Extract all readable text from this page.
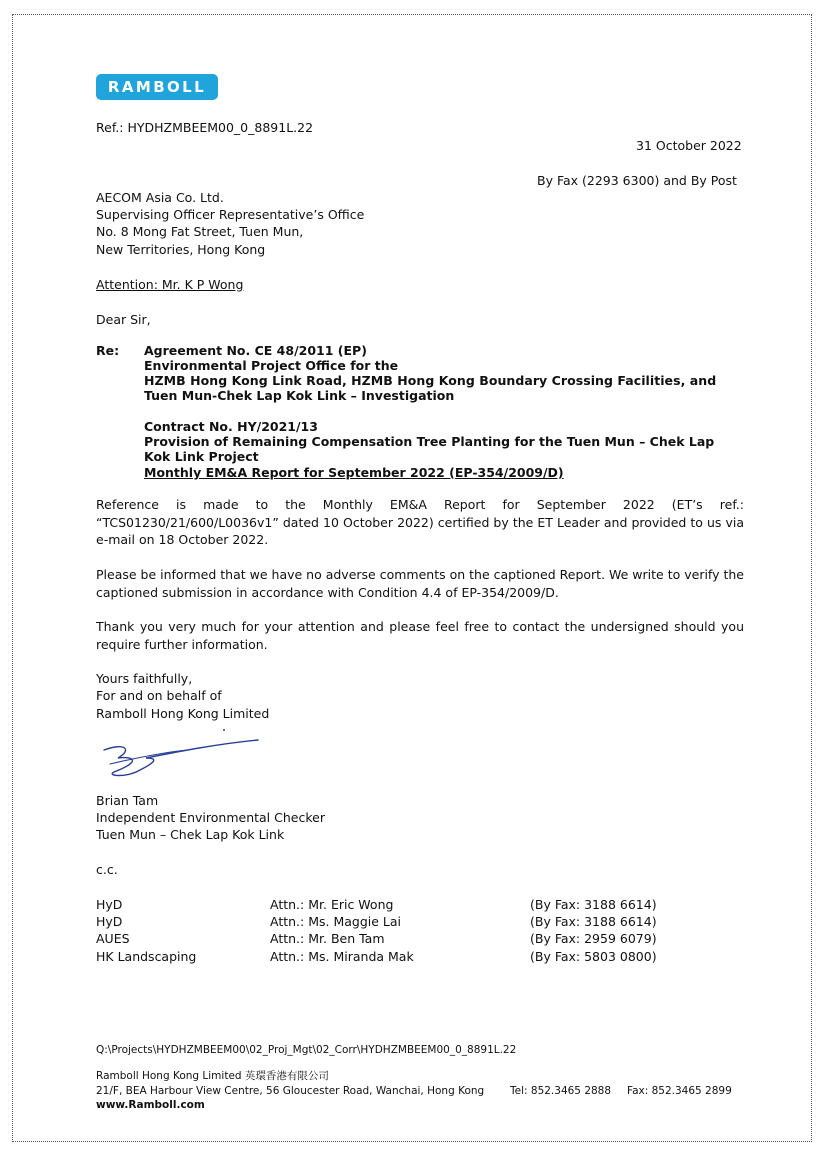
RAMBOLL
Ref.: HYDHZMBEEM00_0_8891L.22
31 October 2022
By Fax (2293 6300) and By Post
AECOM Asia Co. Ltd.
Supervising Officer Representative’s Office
No. 8 Mong Fat Street, Tuen Mun,
New Territories, Hong Kong
Attention: Mr. K P Wong
Dear Sir,
Re: Agreement No. CE 48/2011 (EP)
Environmental Project Office for the
HZMB Hong Kong Link Road, HZMB Hong Kong Boundary Crossing Facilities, and
Tuen Mun-Chek Lap Kok Link – Investigation
Contract No. HY/2021/13
Provision of Remaining Compensation Tree Planting for the Tuen Mun – Chek Lap
Kok Link Project
Monthly EM&A Report for September 2022 (EP-354/2009/D)
Reference is made to the Monthly EM&A Report for September 2022 (ET’s ref.: “TCS01230/21/600/L0036v1” dated 10 October 2022) certified by the ET Leader and provided to us via e-mail on 18 October 2022.
Please be informed that we have no adverse comments on the captioned Report. We write to verify the captioned submission in accordance with Condition 4.4 of EP-354/2009/D.
Thank you very much for your attention and please feel free to contact the undersigned should you require further information.
Yours faithfully,
For and on behalf of
Ramboll Hong Kong Limited
Brian Tam
Independent Environmental Checker
Tuen Mun – Chek Lap Kok Link
c.c.
HyD	Attn.: Mr. Eric Wong	(By Fax: 3188 6614)
HyD	Attn.: Ms. Maggie Lai	(By Fax: 3188 6614)
AUES	Attn.: Mr. Ben Tam	(By Fax: 2959 6079)
HK Landscaping	Attn.: Ms. Miranda Mak	(By Fax: 5803 0800)
Q:\Projects\HYDHZMBEEM00\02_Proj_Mgt\02_Corr\HYDHZMBEEM00_0_8891L.22
Ramboll Hong Kong Limited 英環香港有限公司
21/F, BEA Harbour View Centre, 56 Gloucester Road, Wanchai, Hong Kong Tel: 852.3465 2888 Fax: 852.3465 2899
www.Ramboll.com
